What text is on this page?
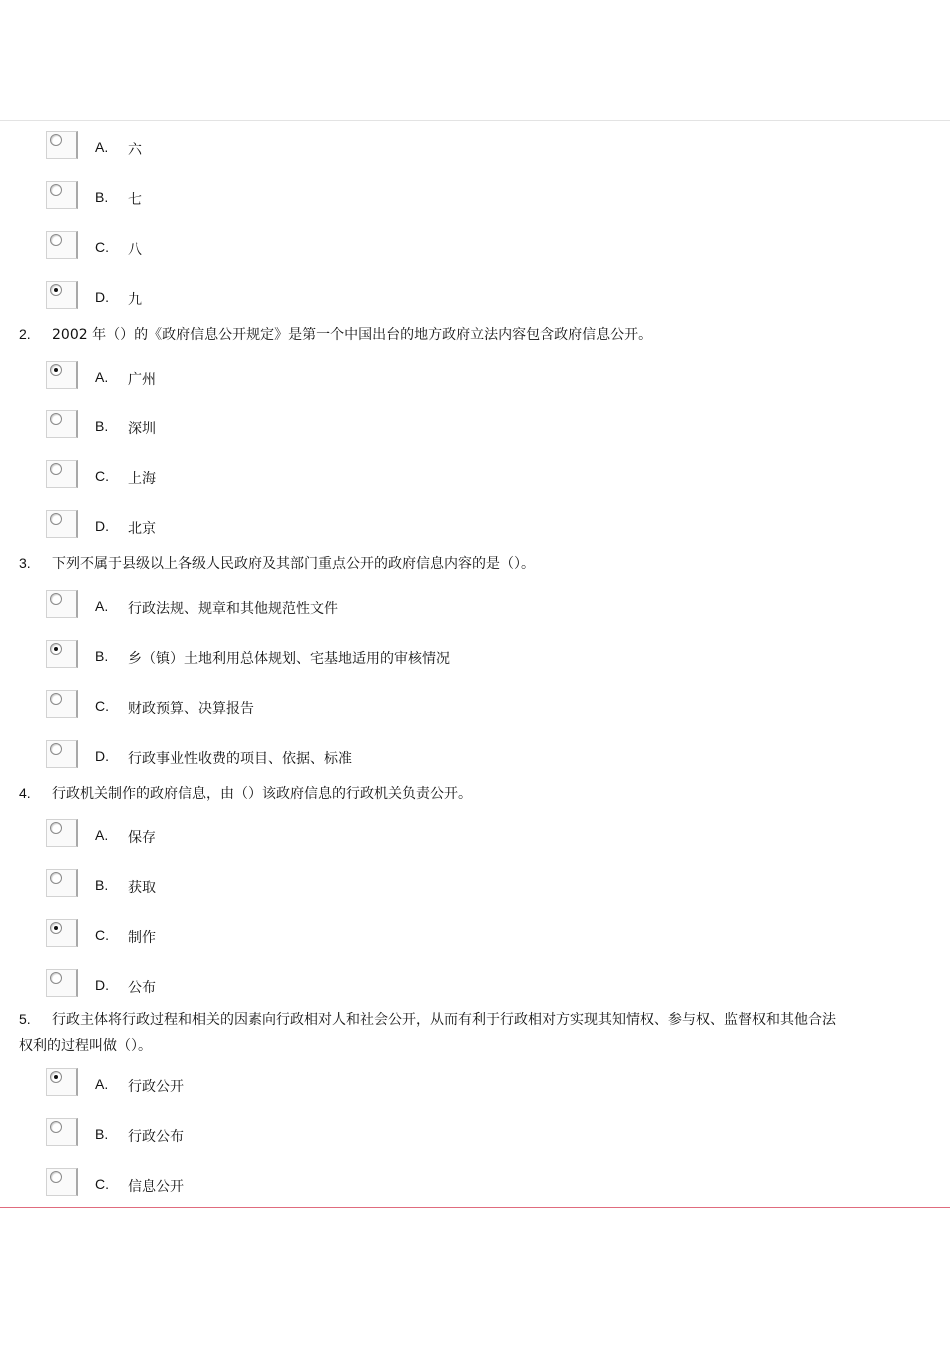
A. 六
B. 七
C. 八
D. 九
2. 2002 年（）的《政府信息公开规定》是第一个中国出台的地方政府立法内容包含政府信息公开。
A. 广州
B. 深圳
C. 上海
D. 北京
3. 下列不属于县级以上各级人民政府及其部门重点公开的政府信息内容的是（）。
A. 行政法规、规章和其他规范性文件
B. 乡（镇）土地利用总体规划、宅基地适用的审核情况
C. 财政预算、决算报告
D. 行政事业性收费的项目、依据、标准
4. 行政机关制作的政府信息，由（）该政府信息的行政机关负责公开。
A. 保存
B. 获取
C. 制作
D. 公布
5. 行政主体将行政过程和相关的因素向行政相对人和社会公开，从而有利于行政相对方实现其知情权、参与权、监督权和其他合法权利的过程叫做（）。
A. 行政公开
B. 行政公布
C. 信息公开
